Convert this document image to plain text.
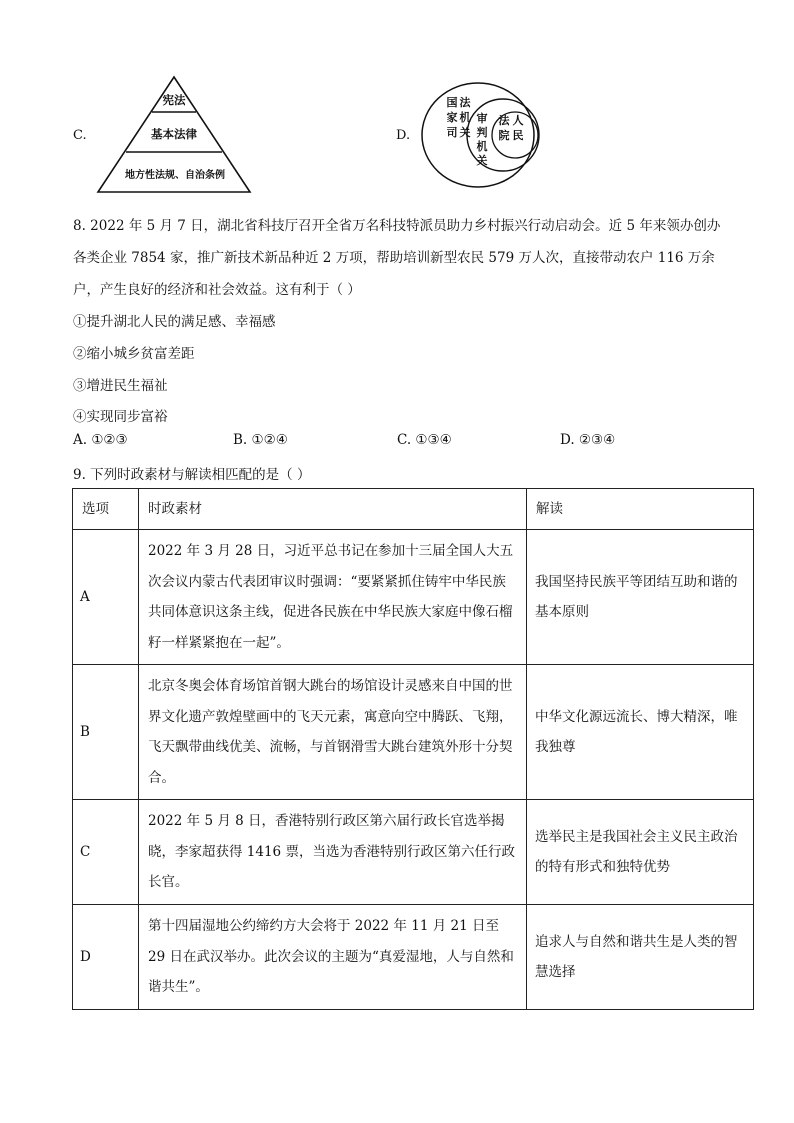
C.
宪法
基本法律
地方性法规、自治条例
D.
国
家
司
法
机
关
审
判
机
关
人
民
法
院
8. 2022 年 5 月 7 日，湖北省科技厅召开全省万名科技特派员助力乡村振兴行动启动会。近 5 年来领办创办
各类企业 7854 家，推广新技术新品种近 2 万项，帮助培训新型农民 579 万人次，直接带动农户 116 万余
户，产生良好的经济和社会效益。这有利于（ ）
①提升湖北人民的满足感、幸福感
②缩小城乡贫富差距
③增进民生福祉
④实现同步富裕
A. ①②③	B. ①②④	C. ①③④	D. ②③④
9. 下列时政素材与解读相匹配的是（ ）
选项	时政素材	解读
A	2022 年 3 月 28 日，习近平总书记在参加十三届全国人大五次会议内蒙古代表团审议时强调：“要紧紧抓住铸牢中华民族共同体意识这条主线，促进各民族在中华民族大家庭中像石榴籽一样紧紧抱在一起”。	我国坚持民族平等团结互助和谐的基本原则
B	北京冬奥会体育场馆首钢大跳台的场馆设计灵感来自中国的世界文化遗产敦煌壁画中的飞天元素，寓意向空中腾跃、飞翔，飞天飘带曲线优美、流畅，与首钢滑雪大跳台建筑外形十分契合。	中华文化源远流长、博大精深，唯我独尊
C	2022 年 5 月 8 日，香港特别行政区第六届行政长官选举揭晓，李家超获得 1416 票，当选为香港特别行政区第六任行政长官。	选举民主是我国社会主义民主政治的特有形式和独特优势
D	第十四届湿地公约缔约方大会将于 2022 年 11 月 21 日至 29 日在武汉举办。此次会议的主题为“真爱湿地，人与自然和谐共生”。	追求人与自然和谐共生是人类的智慧选择
